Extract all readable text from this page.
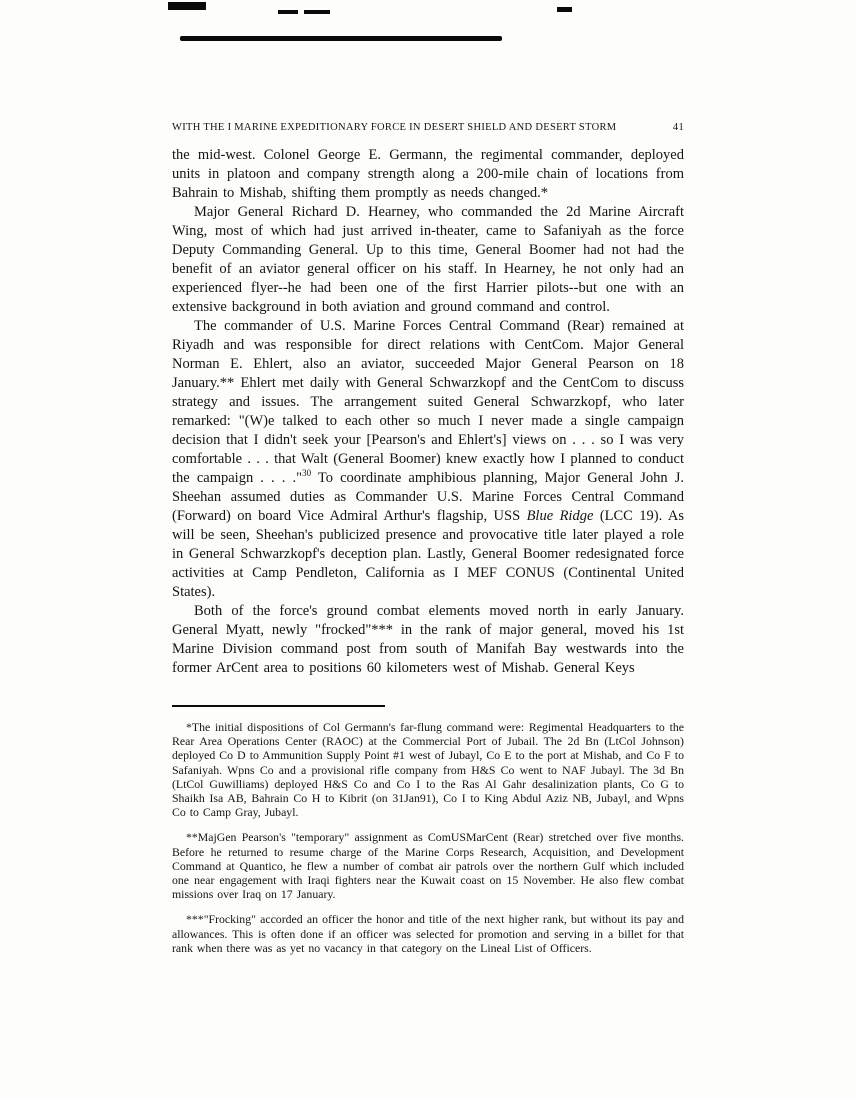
WITH THE I MARINE EXPEDITIONARY FORCE IN DESERT SHIELD AND DESERT STORM	41

the mid-west. Colonel George E. Germann, the regimental commander, deployed units in platoon and company strength along a 200-mile chain of locations from Bahrain to Mishab, shifting them promptly as needs changed.*

Major General Richard D. Hearney, who commanded the 2d Marine Aircraft Wing, most of which had just arrived in-theater, came to Safaniyah as the force Deputy Commanding General. Up to this time, General Boomer had not had the benefit of an aviator general officer on his staff. In Hearney, he not only had an experienced flyer--he had been one of the first Harrier pilots--but one with an extensive background in both aviation and ground command and control.

The commander of U.S. Marine Forces Central Command (Rear) remained at Riyadh and was responsible for direct relations with CentCom. Major General Norman E. Ehlert, also an aviator, succeeded Major General Pearson on 18 January.** Ehlert met daily with General Schwarzkopf and the CentCom to discuss strategy and issues. The arrangement suited General Schwarzkopf, who later remarked: "(W)e talked to each other so much I never made a single campaign decision that I didn't seek your [Pearson's and Ehlert's] views on . . . so I was very comfortable . . . that Walt (General Boomer) knew exactly how I planned to conduct the campaign . . . ."$^{30}$ To coordinate amphibious planning, Major General John J. Sheehan assumed duties as Commander U.S. Marine Forces Central Command (Forward) on board Vice Admiral Arthur's flagship, USS Blue Ridge (LCC 19). As will be seen, Sheehan's publicized presence and provocative title later played a role in General Schwarzkopf's deception plan. Lastly, General Boomer redesignated force activities at Camp Pendleton, California as I MEF CONUS (Continental United States).

Both of the force's ground combat elements moved north in early January. General Myatt, newly "frocked"*** in the rank of major general, moved his 1st Marine Division command post from south of Manifah Bay westwards into the former ArCent area to positions 60 kilometers west of Mishab. General Keys

*The initial dispositions of Col Germann's far-flung command were: Regimental Headquarters to the Rear Area Operations Center (RAOC) at the Commercial Port of Jubail. The 2d Bn (LtCol Johnson) deployed Co D to Ammunition Supply Point #1 west of Jubayl, Co E to the port at Mishab, and Co F to Safaniyah. Wpns Co and a provisional rifle company from H&S Co went to NAF Jubayl. The 3d Bn (LtCol Guwilliams) deployed H&S Co and Co I to the Ras Al Gahr desalinization plants, Co G to Shaikh Isa AB, Bahrain Co H to Kibrit (on 31Jan91), Co I to King Abdul Aziz NB, Jubayl, and Wpns Co to Camp Gray, Jubayl.

**MajGen Pearson's "temporary" assignment as ComUSMarCent (Rear) stretched over five months. Before he returned to resume charge of the Marine Corps Research, Acquisition, and Development Command at Quantico, he flew a number of combat air patrols over the northern Gulf which included one near engagement with Iraqi fighters near the Kuwait coast on 15 November. He also flew combat missions over Iraq on 17 January.

***"Frocking" accorded an officer the honor and title of the next higher rank, but without its pay and allowances. This is often done if an officer was selected for promotion and serving in a billet for that rank when there was as yet no vacancy in that category on the Lineal List of Officers.
